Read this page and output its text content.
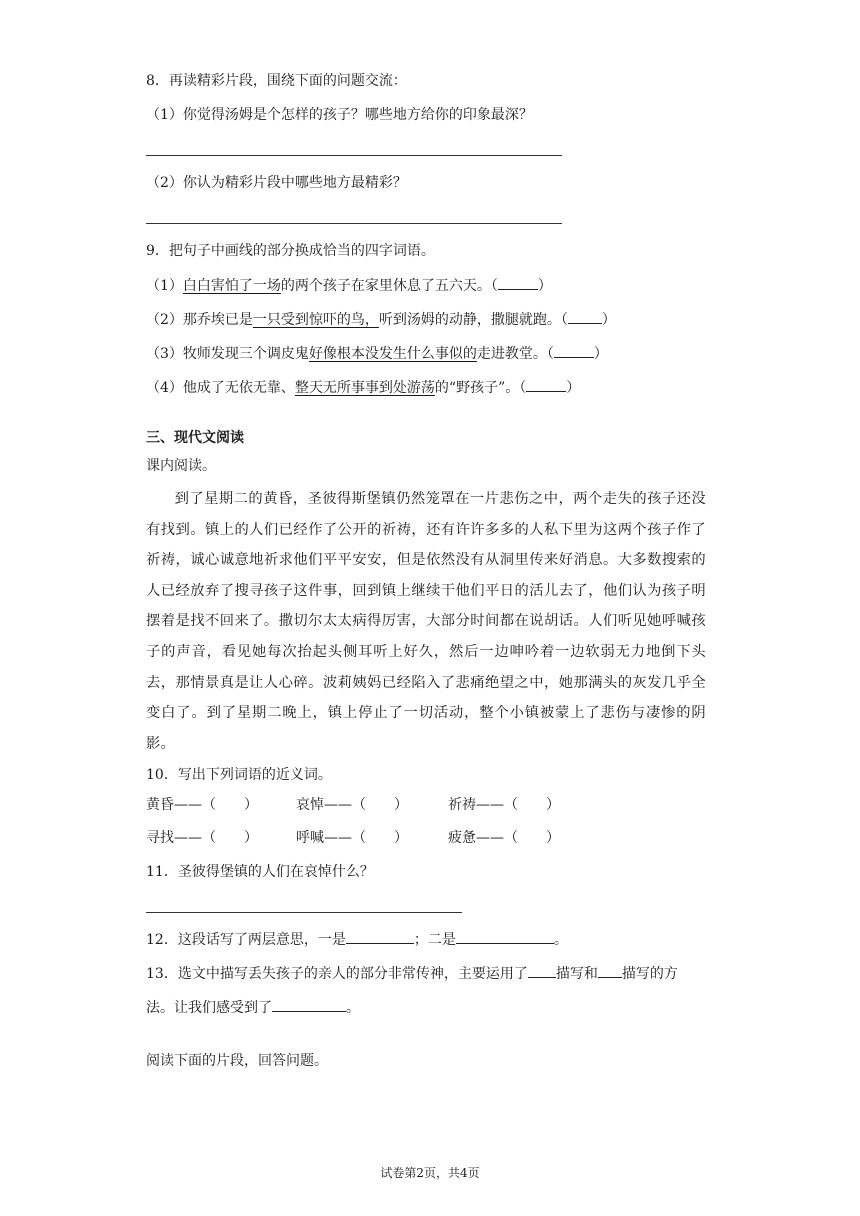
8．再读精彩片段，围绕下面的问题交流：
（1）你觉得汤姆是个怎样的孩子？哪些地方给你的印象最深？
（2）你认为精彩片段中哪些地方最精彩？
9．把句子中画线的部分换成恰当的四字词语。
（1）白白害怕了一场的两个孩子在家里休息了五六天。（	）
（2）那乔埃已是一只受到惊吓的鸟，听到汤姆的动静，撒腿就跑。（ ）
（3）牧师发现三个调皮鬼好像根本没发生什么事似的走进教堂。（	）
（4）他成了无依无靠、整天无所事事到处游荡的“野孩子”。（	）
三、现代文阅读
课内阅读。
到了星期二的黄昏，圣彼得斯堡镇仍然笼罩在一片悲伤之中，两个走失的孩子还没有找到。镇上的人们已经作了公开的祈祷，还有许许多多的人私下里为这两个孩子作了祈祷，诚心诚意地祈求他们平平安安，但是依然没有从洞里传来好消息。大多数搜索的人已经放弃了搜寻孩子这件事，回到镇上继续干他们平日的活儿去了，他们认为孩子明摆着是找不回来了。撒切尔太太病得厉害，大部分时间都在说胡话。人们听见她呼喊孩子的声音，看见她每次抬起头侧耳听上好久，然后一边呻吟着一边软弱无力地倒下头去，那情景真是让人心碎。波莉姨妈已经陷入了悲痛绝望之中，她那满头的灰发几乎全变白了。到了星期二晚上，镇上停止了一切活动，整个小镇被蒙上了悲伤与凄惨的阴影。
10．写出下列词语的近义词。
黄昏——（　　）	哀悼——（　　）	祈祷——（　　）
寻找——（　　）	呼喊——（　　）	疲惫——（　　）
11．圣彼得堡镇的人们在哀悼什么？
12．这段话写了两层意思，一是	；二是	。
13．选文中描写丢失孩子的亲人的部分非常传神，主要运用了 描写和 描写的方
法。让我们感受到了	。
阅读下面的片段，回答问题。
试卷第2页，共4页
